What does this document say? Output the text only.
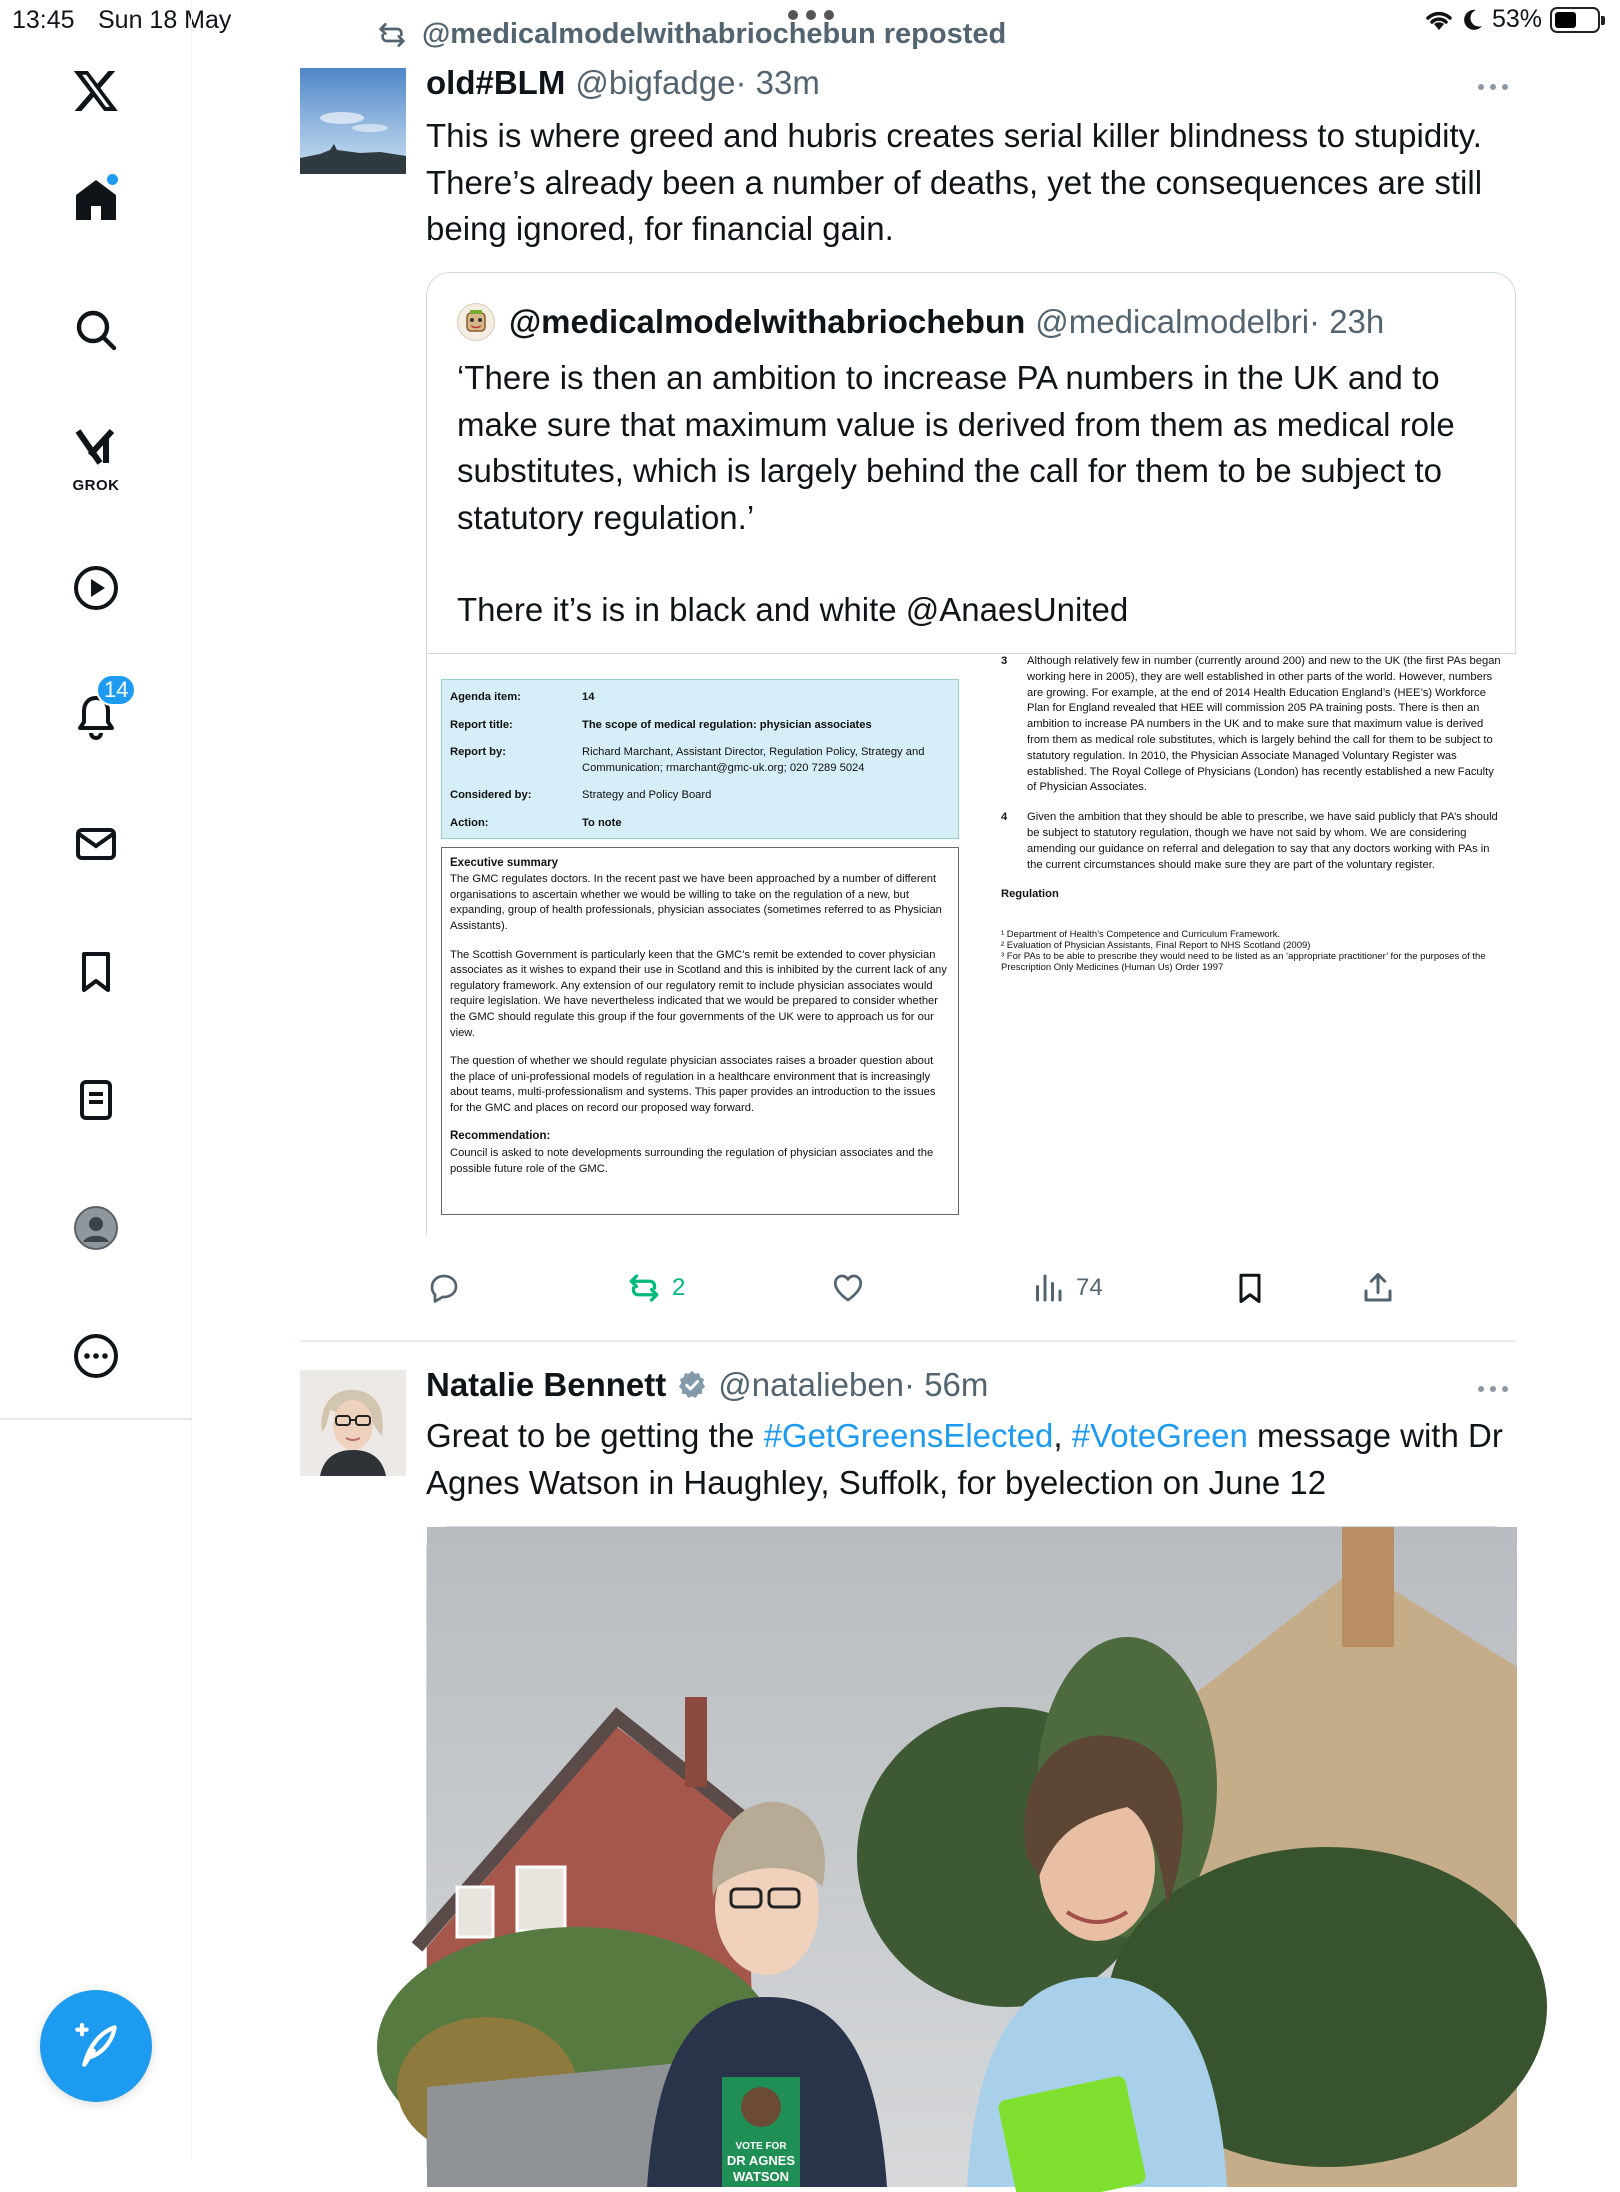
13:45 Sun 18 May	53%
GROK
14
@medicalmodelwithabriochebun reposted
old#BLM @bigfadge · 33m
This is where greed and hubris creates serial killer blindness to stupidity. There’s already been a number of deaths, yet the consequences are still being ignored, for financial gain.
@medicalmodelwithabriochebun @medicalmodelbri · 23h

‘There is then an ambition to increase PA numbers in the UK and to make sure that maximum value is derived from them as medical role substitutes, which is largely behind the call for them to be subject to statutory regulation.’

There it’s is in black and white @AnaesUnited

Agenda item:	14
Report title:	The scope of medical regulation: physician associates
Report by:	Richard Marchant, Assistant Director, Regulation Policy, Strategy and Communication; rmarchant@gmc-uk.org; 020 7289 5024
Considered by:	Strategy and Policy Board
Action:	To note
Executive summary

The GMC regulates doctors. In the recent past we have been approached by a number of different organisations to ascertain whether we would be willing to take on the regulation of a new, but expanding, group of health professionals, physician associates (sometimes referred to as Physician Assistants).

The Scottish Government is particularly keen that the GMC’s remit be extended to cover physician associates as it wishes to expand their use in Scotland and this is inhibited by the current lack of any regulatory framework. Any extension of our regulatory remit to include physician associates would require legislation. We have nevertheless indicated that we would be prepared to consider whether the GMC should regulate this group if the four governments of the UK were to approach us for our view.

The question of whether we should regulate physician associates raises a broader question about the place of uni-professional models of regulation in a healthcare environment that is increasingly about teams, multi-professionalism and systems. This paper provides an introduction to the issues for the GMC and places on record our proposed way forward.

Recommendation:

Council is asked to note developments surrounding the regulation of physician associates and the possible future role of the GMC.

3	Although relatively few in number (currently around 200) and new to the UK (the first PAs began working here in 2005), they are well established in other parts of the world. However, numbers are growing. For example, at the end of 2014 Health Education England’s (HEE’s) Workforce Plan for England revealed that HEE will commission 205 PA training posts. There is then an ambition to increase PA numbers in the UK and to make sure that maximum value is derived from them as medical role substitutes, which is largely behind the call for them to be subject to statutory regulation. In 2010, the Physician Associate Managed Voluntary Register was established. The Royal College of Physicians (London) has recently established a new Faculty of Physician Associates.
4	Given the ambition that they should be able to prescribe, we have said publicly that PA’s should be subject to statutory regulation, though we have not said by whom. We are considering amending our guidance on referral and delegation to say that any doctors working with PAs in the current circumstances should make sure they are part of the voluntary register.
Regulation
¹ Department of Health’s Competence and Curriculum Framework.
² Evaluation of Physician Assistants, Final Report to NHS Scotland (2009)
³ For PAs to be able to prescribe they would need to be listed as an ‘appropriate practitioner’ for the purposes of the Prescription Only Medicines (Human Us) Order 1997
2	74
Natalie Bennett @natalieben · 56m
Great to be getting the #GetGreensElected, #VoteGreen message with Dr Agnes Watson in Haughley, Suffolk, for byelection on June 12
VOTE FOR
DR AGNES
WATSON
